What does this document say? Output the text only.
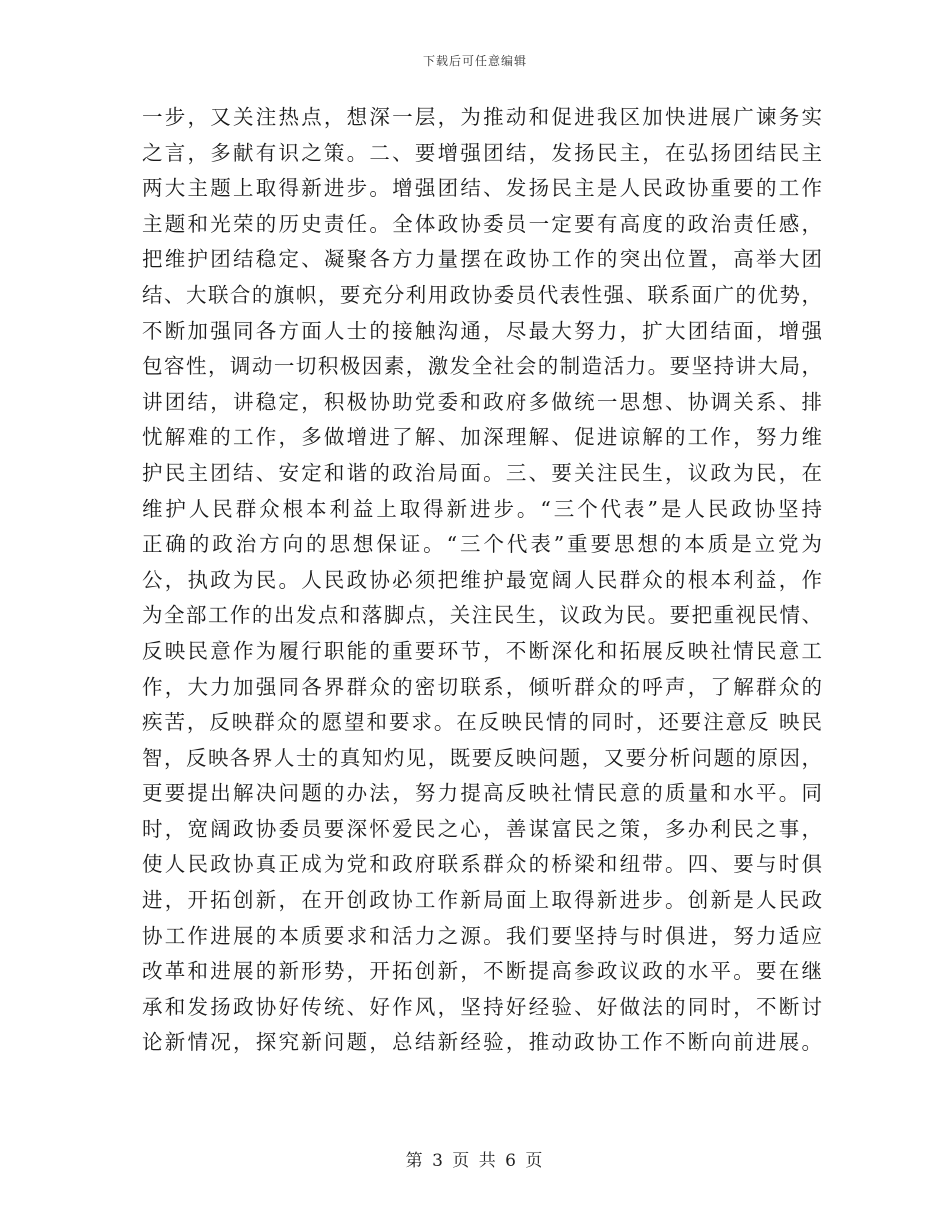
下载后可任意编辑
一步，又关注热点，想深一层，为推动和促进我区加快进展广谏务实
之言，多献有识之策。二、要增强团结，发扬民主，在弘扬团结民主
两大主题上取得新进步。增强团结、发扬民主是人民政协重要的工作
主题和光荣的历史责任。全体政协委员一定要有高度的政治责任感，
把维护团结稳定、凝聚各方力量摆在政协工作的突出位置，高举大团
结、大联合的旗帜，要充分利用政协委员代表性强、联系面广的优势，
不断加强同各方面人士的接触沟通，尽最大努力，扩大团结面，增强
包容性，调动一切积极因素，激发全社会的制造活力。要坚持讲大局，
讲团结，讲稳定，积极协助党委和政府多做统一思想、协调关系、排
忧解难的工作，多做增进了解、加深理解、促进谅解的工作，努力维
护民主团结、安定和谐的政治局面。三、要关注民生，议政为民，在
维护人民群众根本利益上取得新进步。“三个代表”是人民政协坚持
正确的政治方向的思想保证。“三个代表”重要思想的本质是立党为
公，执政为民。人民政协必须把维护最宽阔人民群众的根本利益，作
为全部工作的出发点和落脚点，关注民生，议政为民。要把重视民情、
反映民意作为履行职能的重要环节，不断深化和拓展反映社情民意工
作，大力加强同各界群众的密切联系，倾听群众的呼声，了解群众的
疾苦，反映群众的愿望和要求。在反映民情的同时，还要注意反 映民
智，反映各界人士的真知灼见，既要反映问题，又要分析问题的原因，
更要提出解决问题的办法，努力提高反映社情民意的质量和水平。同
时，宽阔政协委员要深怀爱民之心，善谋富民之策，多办利民之事，
使人民政协真正成为党和政府联系群众的桥梁和纽带。四、要与时俱
进，开拓创新，在开创政协工作新局面上取得新进步。创新是人民政
协工作进展的本质要求和活力之源。我们要坚持与时俱进，努力适应
改革和进展的新形势，开拓创新，不断提高参政议政的水平。要在继
承和发扬政协好传统、好作风，坚持好经验、好做法的同时，不断讨
论新情况，探究新问题，总结新经验，推动政协工作不断向前进展。
第 3 页 共 6 页
